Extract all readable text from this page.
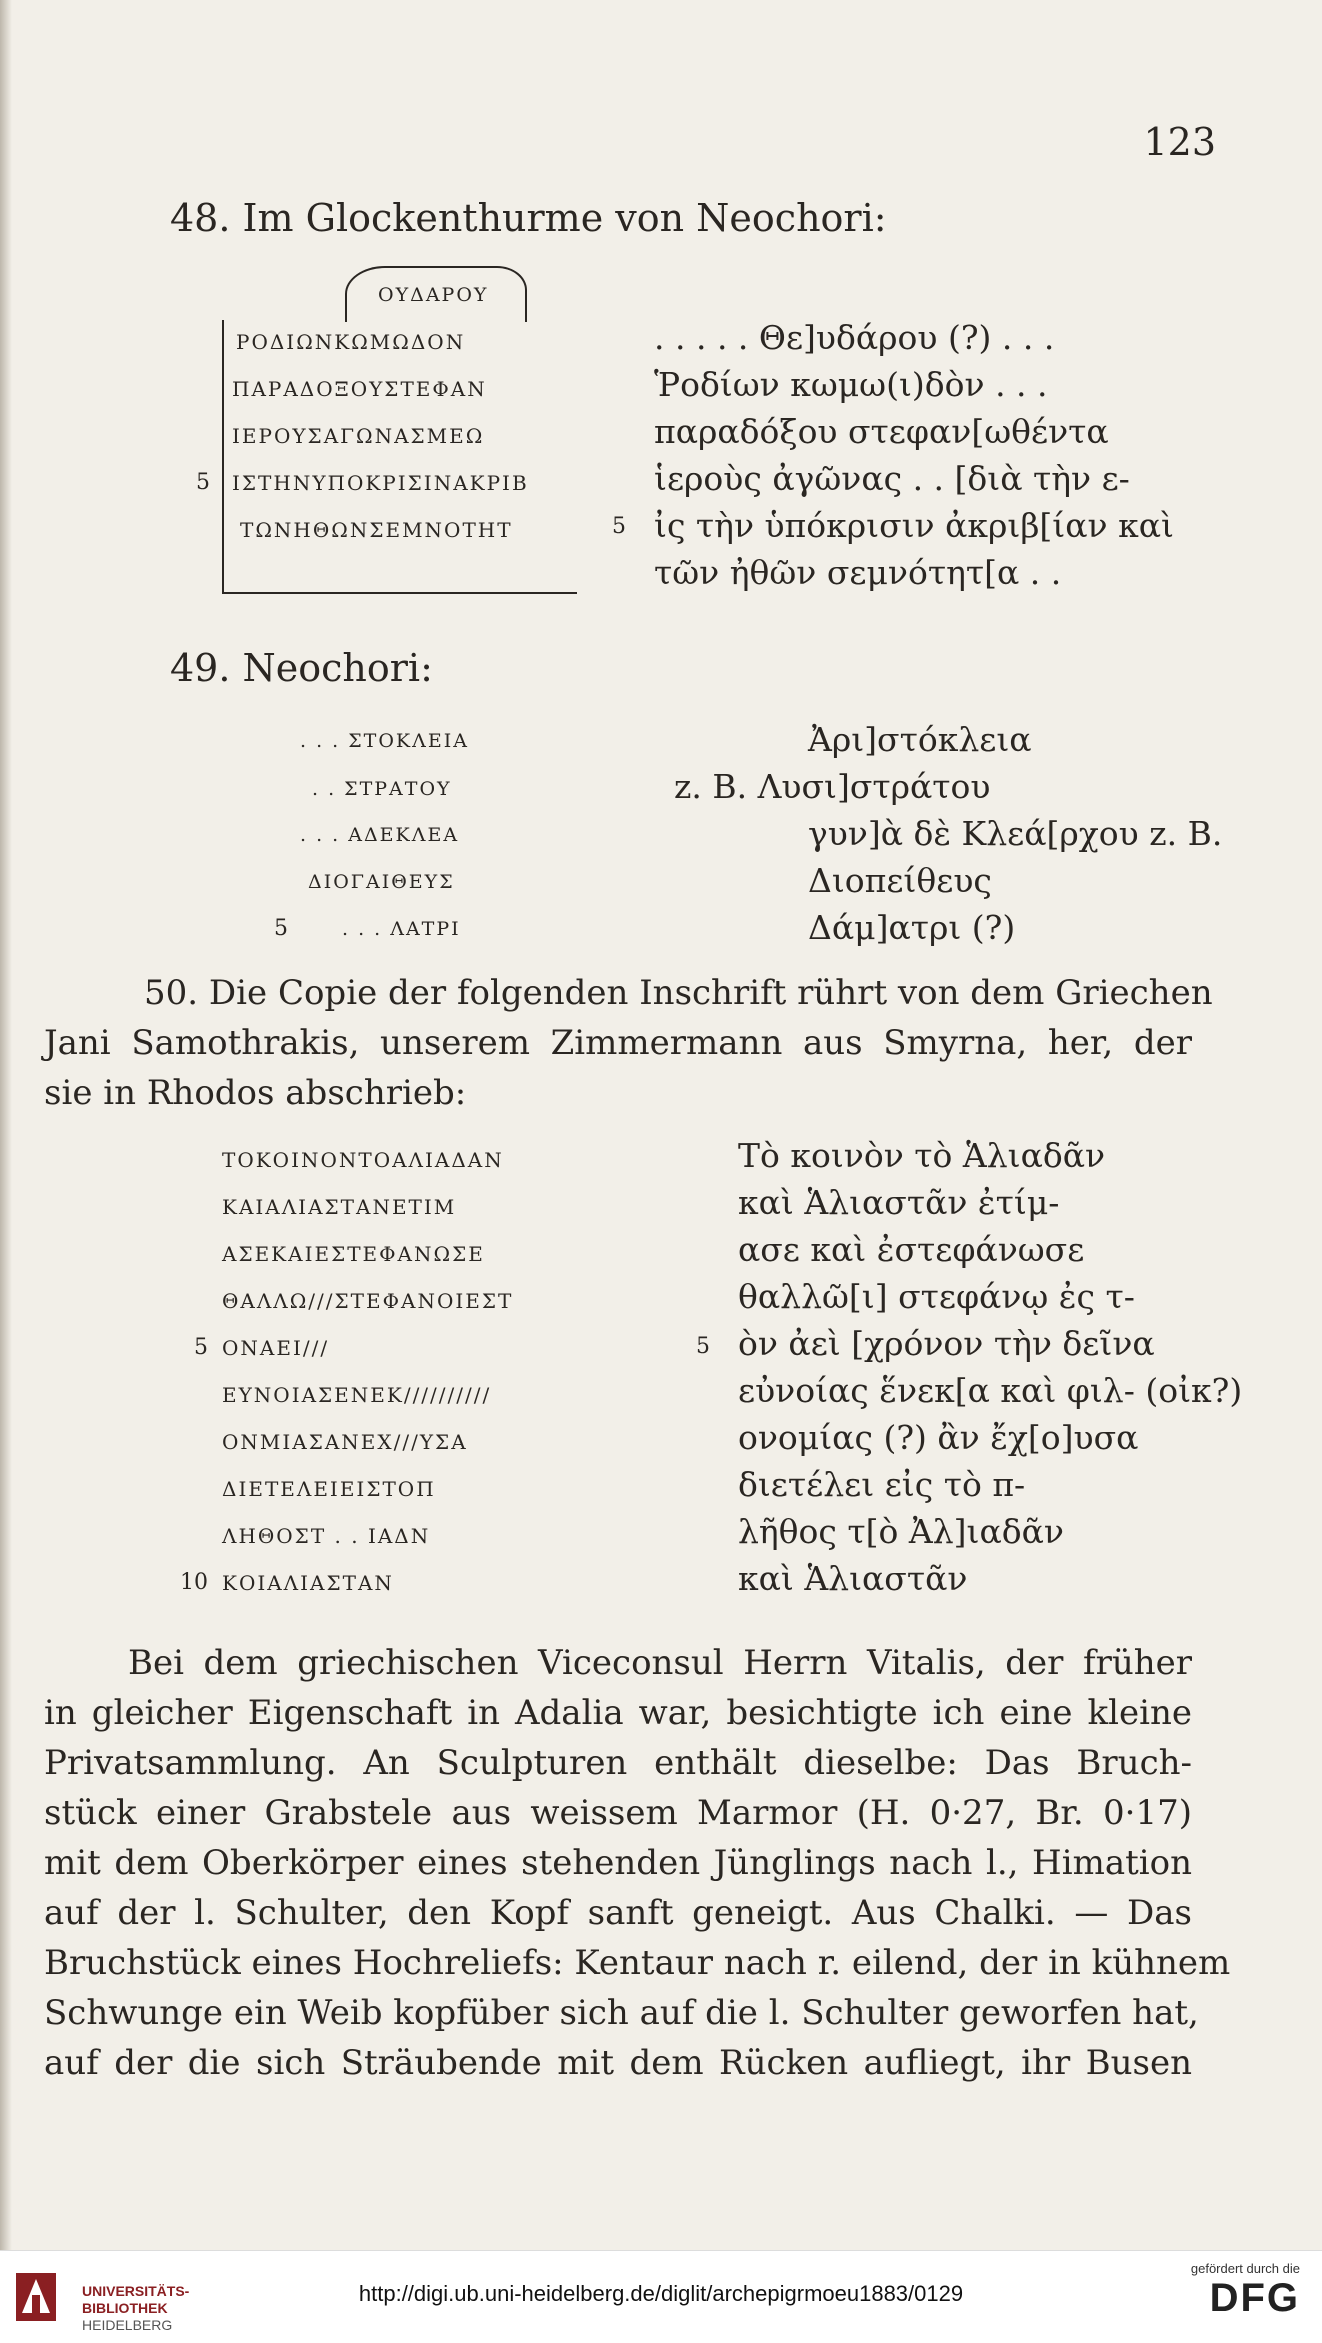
123
48. Im Glockenthurme von Neochori:
ΟΥΔΑΡΟΥ
ΡΟΔΙΩΝΚΩΜΩΔΟΝ
ΠΑΡΑΔΟΞΟΥΣΤΕΦΑΝ
ΙΕΡΟΥΣΑΓΩΝΑΣΜΕΩ
ΙΣΤΗΝΥΠΟΚΡΙΣΙΝΑΚΡΙΒ
ΤΩΝΗΘΩΝΣΕΜΝΟΤΗΤ
5
. . . . . Θε]υδάρου (?) . . .
Ῥοδίων κωμω(ι)δὸν . . .
παραδόξου στεφαν[ωθέντα
ἱεροὺς ἀγῶνας . . [διὰ τὴν ε-
ἰς τὴν ὑπόκρισιν ἀκριβ[ίαν καὶ
τῶν ἠθῶν σεμνότητ[α . .
5
49. Neochori:
. . . ΣΤΟΚΛΕΙΑ
. . ΣΤΡΑΤΟΥ
. . . ΑΔΕΚΛΕΑ
ΔΙΟΓΑΙΘΕΥΣ
. . . ΛΑΤΡΙ
5
Ἀρι]στόκλεια
z. B. Λυσι]στράτου
γυν]ὰ δὲ Κλεά[ρχου z. B.
Διοπείθευς
Δάμ]ατρι (?)
50. Die Copie der folgenden Inschrift rührt von dem Griechen
Jani Samothrakis, unserem Zimmermann aus Smyrna, her, der
sie in Rhodos abschrieb:
ΤΟΚΟΙΝΟΝΤΟΑΛΙΑΔΑΝ
ΚΑΙΑΛΙΑΣΤΑΝΕΤΙΜ
ΑΣΕΚΑΙΕΣΤΕΦΑΝΩΣΕ
ΘΑΛΛΩ///ΣΤΕΦΑΝΟΙΕΣΤ
ΟΝΑΕΙ///
ΕΥΝΟΙΑΣΕΝΕΚ//////////
ΟΝΜΙΑΣΑΝΕΧ///ΥΣΑ
ΔΙΕΤΕΛΕΙΕΙΣΤΟΠ
ΛΗΘΟΣΤ . . ΙΑΔΝ
ΚΟΙΑΛΙΑΣΤΑΝ
5
10
Τὸ κοινὸν τὸ Ἁλιαδᾶν
καὶ Ἁλιαστᾶν ἐτίμ-
ασε καὶ ἐστεφάνωσε
θαλλῶ[ι] στεφάνῳ ἐς τ-
ὸν ἀεὶ [χρόνον τὴν δεῖνα
εὐνοίας ἕνεκ[α καὶ φιλ- (οἰκ?)
ονομίας (?) ἂν ἔχ[ο]υσα
διετέλει εἰς τὸ π-
λῆθος τ[ὸ Ἀλ]ιαδᾶν
καὶ Ἁλιαστᾶν
5
Bei dem griechischen Viceconsul Herrn Vitalis, der früher
in gleicher Eigenschaft in Adalia war, besichtigte ich eine kleine
Privatsammlung. An Sculpturen enthält dieselbe: Das Bruch-
stück einer Grabstele aus weissem Marmor (H. 0·27, Br. 0·17)
mit dem Oberkörper eines stehenden Jünglings nach l., Himation
auf der l. Schulter, den Kopf sanft geneigt. Aus Chalki. — Das
Bruchstück eines Hochreliefs: Kentaur nach r. eilend, der in kühnem
Schwunge ein Weib kopfüber sich auf die l. Schulter geworfen hat,
auf der die sich Sträubende mit dem Rücken aufliegt, ihr Busen
UNIVERSITÄTS-
BIBLIOTHEK
HEIDELBERG
http://digi.ub.uni-heidelberg.de/diglit/archepigrmoeu1883/0129
gefördert durch die
DFG
